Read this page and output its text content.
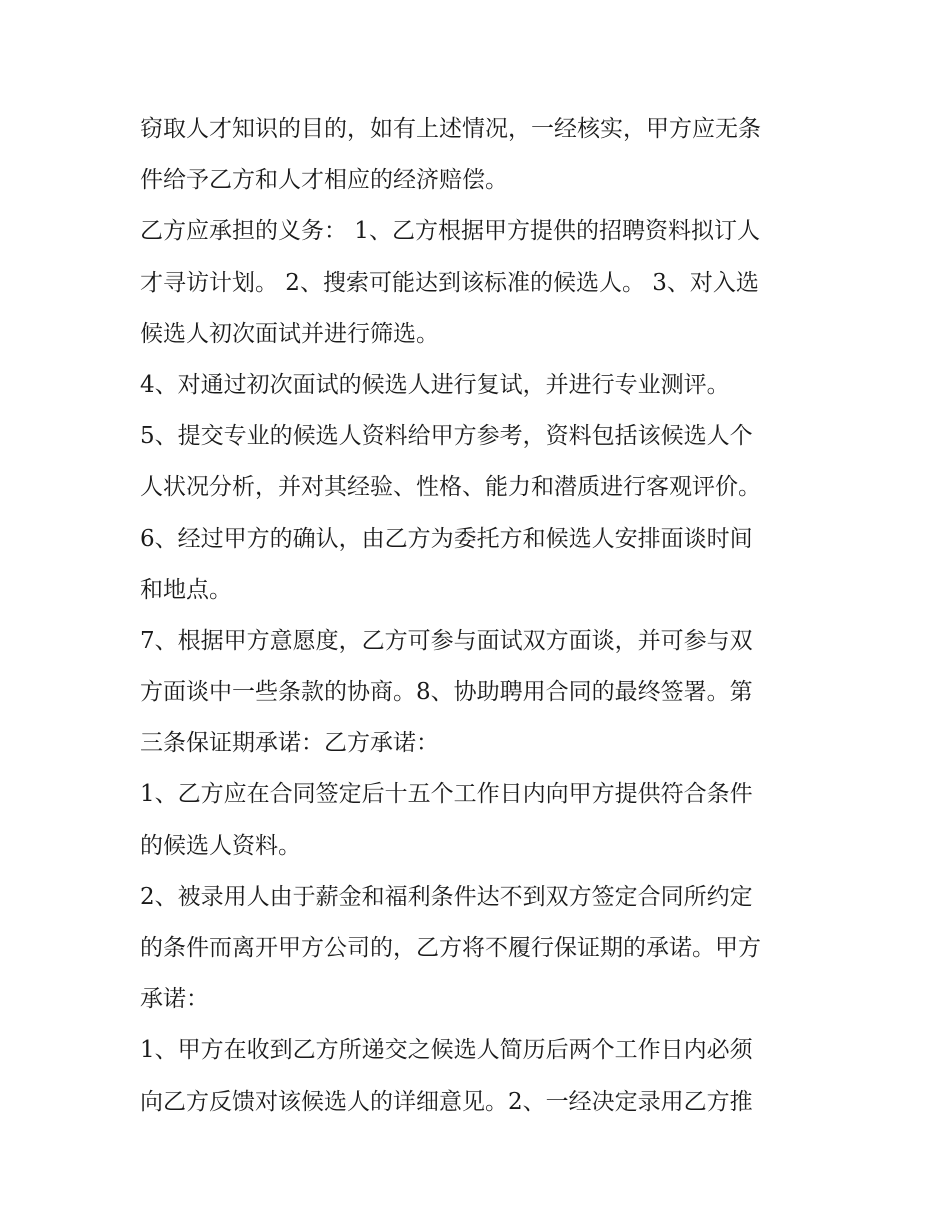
窃取人才知识的目的，如有上述情况，一经核实，甲方应无条
件给予乙方和人才相应的经济赔偿。
乙方应承担的义务： 1、乙方根据甲方提供的招聘资料拟订人
才寻访计划。 2、搜索可能达到该标准的候选人。 3、对入选
候选人初次面试并进行筛选。
4、对通过初次面试的候选人进行复试，并进行专业测评。
5、提交专业的候选人资料给甲方参考，资料包括该候选人个
人状况分析，并对其经验、性格、能力和潜质进行客观评价。
6、经过甲方的确认，由乙方为委托方和候选人安排面谈时间
和地点。
7、根据甲方意愿度，乙方可参与面试双方面谈，并可参与双
方面谈中一些条款的协商。8、协助聘用合同的最终签署。第
三条保证期承诺：乙方承诺：
1、乙方应在合同签定后十五个工作日内向甲方提供符合条件
的候选人资料。
2、被录用人由于薪金和福利条件达不到双方签定合同所约定
的条件而离开甲方公司的，乙方将不履行保证期的承诺。甲方
承诺：
1、甲方在收到乙方所递交之候选人简历后两个工作日内必须
向乙方反馈对该候选人的详细意见。2、一经决定录用乙方推
